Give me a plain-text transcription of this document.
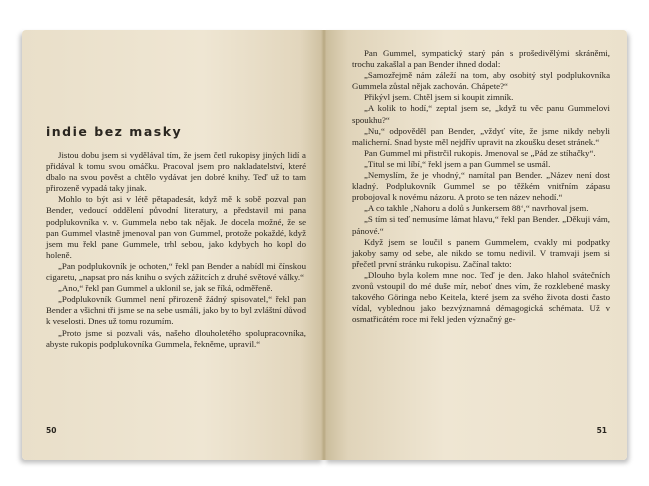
indie bez masky

Jistou dobu jsem si vydělával tím, že jsem četl rukopisy jiných lidí a přidával k tomu svou omáčku. Pracoval jsem pro nakladatelství, které dbalo na svou pověst a chtělo vydávat jen dobré knihy. Teď už to tam přirozeně vypadá taky jinak.

Mohlo to být asi v létě pětapadesát, když mě k sobě pozval pan Bender, vedoucí oddělení původní literatury, a představil mi pana podplukovníka v. v. Gummela nebo tak nějak. Je docela možné, že se pan Gummel vlastně jmenoval pan von Gummel, protože pokaždé, když jsem mu řekl pane Gummele, trhl sebou, jako kdybych ho kopl do holeně.

„Pan podplukovník je ochoten,“ řekl pan Bender a nabídl mi čínskou cigaretu, „napsat pro nás knihu o svých zážitcích z druhé světové války.“

„Ano,“ řekl pan Gummel a uklonil se, jak se říká, odměřeně.

„Podplukovník Gummel není přirozeně žádný spisovatel,“ řekl pan Bender a všichni tři jsme se na sebe usmáli, jako by to byl zvláštní důvod k veselosti. Dnes už tomu rozumím.

„Proto jsme si pozvali vás, našeho dlouholetého spolupracovníka, abyste rukopis podplukovníka Gummela, řekněme, upravil.“

50

Pan Gummel, sympatický starý pán s prošedivělými skráněmi, trochu zakašlal a pan Bender ihned dodal:

„Samozřejmě nám záleží na tom, aby osobitý styl podplukovníka Gummela zůstal nějak zachován. Chápete?“

Přikývl jsem. Chtěl jsem si koupit zimník.

„A kolik to hodí,“ zeptal jsem se, „když tu věc panu Gummelovi spoukhu?“

„Nu,“ odpověděl pan Bender, „vždyť víte, že jsme nikdy nebyli malicherní. Snad byste měl nejdřív upravit na zkoušku deset stránek.“

Pan Gummel mi přistrčil rukopis. Jmenoval se „Pád ze stíhačky“.

„Titul se mi líbí,“ řekl jsem a pan Gummel se usmál.

„Nemyslím, že je vhodný,“ namítal pan Bender. „Název není dost kladný. Podplukovník Gummel se po těžkém vnitřním zápasu probojoval k novému názoru. A proto se ten název nehodí.“

„A co takhle ‚Nahoru a dolů s Junkersem 88‘,“ navrhoval jsem.

„S tím si teď nemusíme lámat hlavu,“ řekl pan Bender. „Děkuji vám, pánové.“

Když jsem se loučil s panem Gummelem, cvakly mi podpatky jakoby samy od sebe, ale nikdo se tomu nedivil. V tramvaji jsem si přečetl první stránku rukopisu. Začínal takto:

„Dlouho byla kolem mne noc. Teď je den. Jako hlahol svátečních zvonů vstoupil do mé duše mír, neboť dnes vím, že rozklebené masky takového Göringa nebo Keitela, které jsem za svého života dosti často vídal, vyblednou jako bezvýznamná démagogická schémata. Už v osmatřicátém roce mi řekl jeden význačný ge-

51
